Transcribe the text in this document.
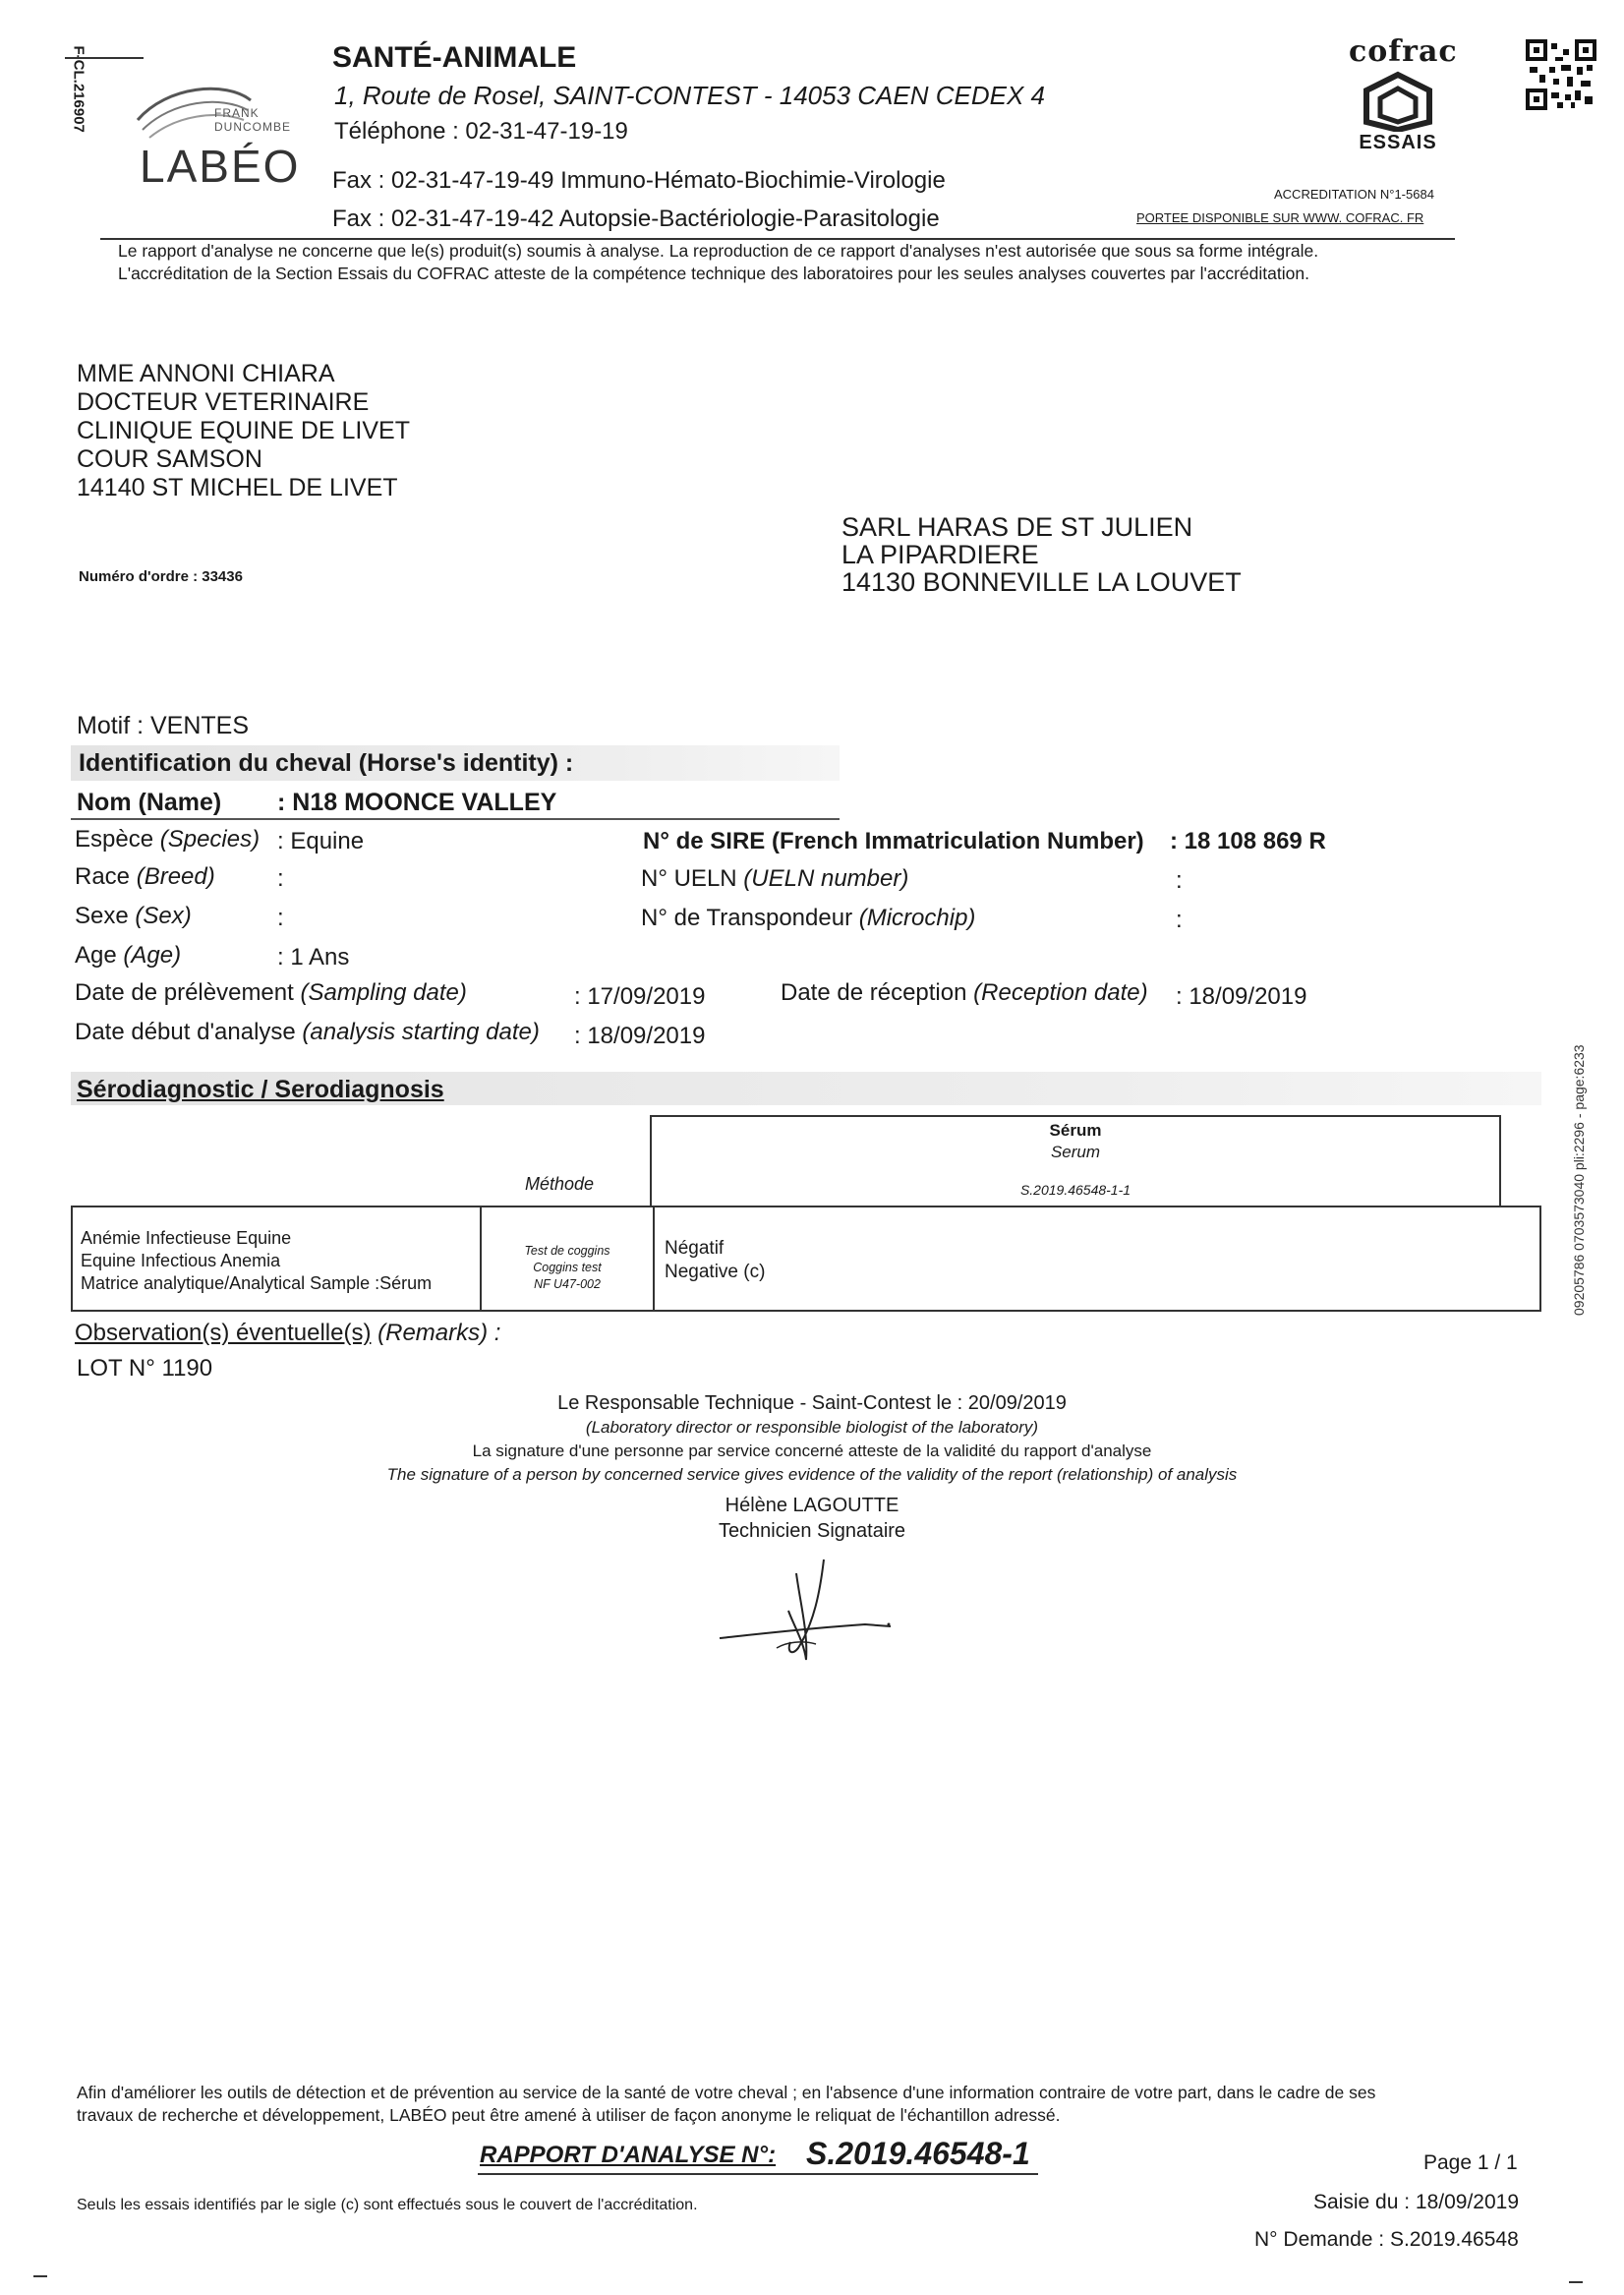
F-CL.216907
09205786 0703573040 pli:2296 - page:6233
FRANK DUNCOMBE
LABÉO
SANTÉ-ANIMALE
1, Route de Rosel, SAINT-CONTEST - 14053 CAEN CEDEX 4
Téléphone : 02-31-47-19-19
Fax : 02-31-47-19-49 Immuno-Hémato-Biochimie-Virologie
Fax : 02-31-47-19-42 Autopsie-Bactériologie-Parasitologie
cofrac
ESSAIS
ACCREDITATION N°1-5684
PORTEE DISPONIBLE SUR WWW. COFRAC. FR
Le rapport d'analyse ne concerne que le(s) produit(s) soumis à analyse. La reproduction de ce rapport d'analyses n'est autorisée que sous sa forme intégrale.
L'accréditation de la Section Essais du COFRAC atteste de la compétence technique des laboratoires pour les seules analyses couvertes par l'accréditation.
MME ANNONI CHIARA
DOCTEUR VETERINAIRE
CLINIQUE EQUINE DE LIVET
COUR SAMSON
14140 ST MICHEL DE LIVET
SARL HARAS DE ST JULIEN
LA PIPARDIERE
14130 BONNEVILLE LA LOUVET
Numéro d'ordre : 33436
Motif : VENTES
Identification du cheval (Horse's identity) :
Nom (Name) : N18 MOONCE VALLEY
Espèce (Species) : Equine
Race (Breed)	:
Sexe (Sex)	:
Age (Age)	: 1 Ans
N° de SIRE (French Immatriculation Number) : 18 108 869 R
N° UELN (UELN number)	:
N° de Transpondeur (Microchip)	:
Date de prélèvement (Sampling date)	: 17/09/2019	Date de réception (Reception date) : 18/09/2019
Date début d'analyse (analysis starting date) : 18/09/2019
Sérodiagnostic / Serodiagnosis
Méthode
Sérum
Serum
S.2019.46548-1-1
Anémie Infectieuse Equine
Equine Infectious Anemia
Matrice analytique/Analytical Sample :Sérum

Test de coggins
Coggins test
NF U47-002

Négatif
Negative (c)
Observation(s) éventuelle(s) (Remarks) :
LOT N° 1190
Le Responsable Technique - Saint-Contest le : 20/09/2019
(Laboratory director or responsible biologist of the laboratory)
La signature d'une personne par service concerné atteste de la validité du rapport d'analyse
The signature of a person by concerned service gives evidence of the validity of the report (relationship) of analysis
Hélène LAGOUTTE
Technicien Signataire
Afin d'améliorer les outils de détection et de prévention au service de la santé de votre cheval ; en l'absence d'une information contraire de votre part, dans le cadre de ses
travaux de recherche et développement, LABÉO peut être amené à utiliser de façon anonyme le reliquat de l'échantillon adressé.
RAPPORT D'ANALYSE N°: S.2019.46548-1	Page 1 / 1
Seuls les essais identifiés par le sigle (c) sont effectués sous le couvert de l'accréditation.	Saisie du : 18/09/2019
N° Demande : S.2019.46548
